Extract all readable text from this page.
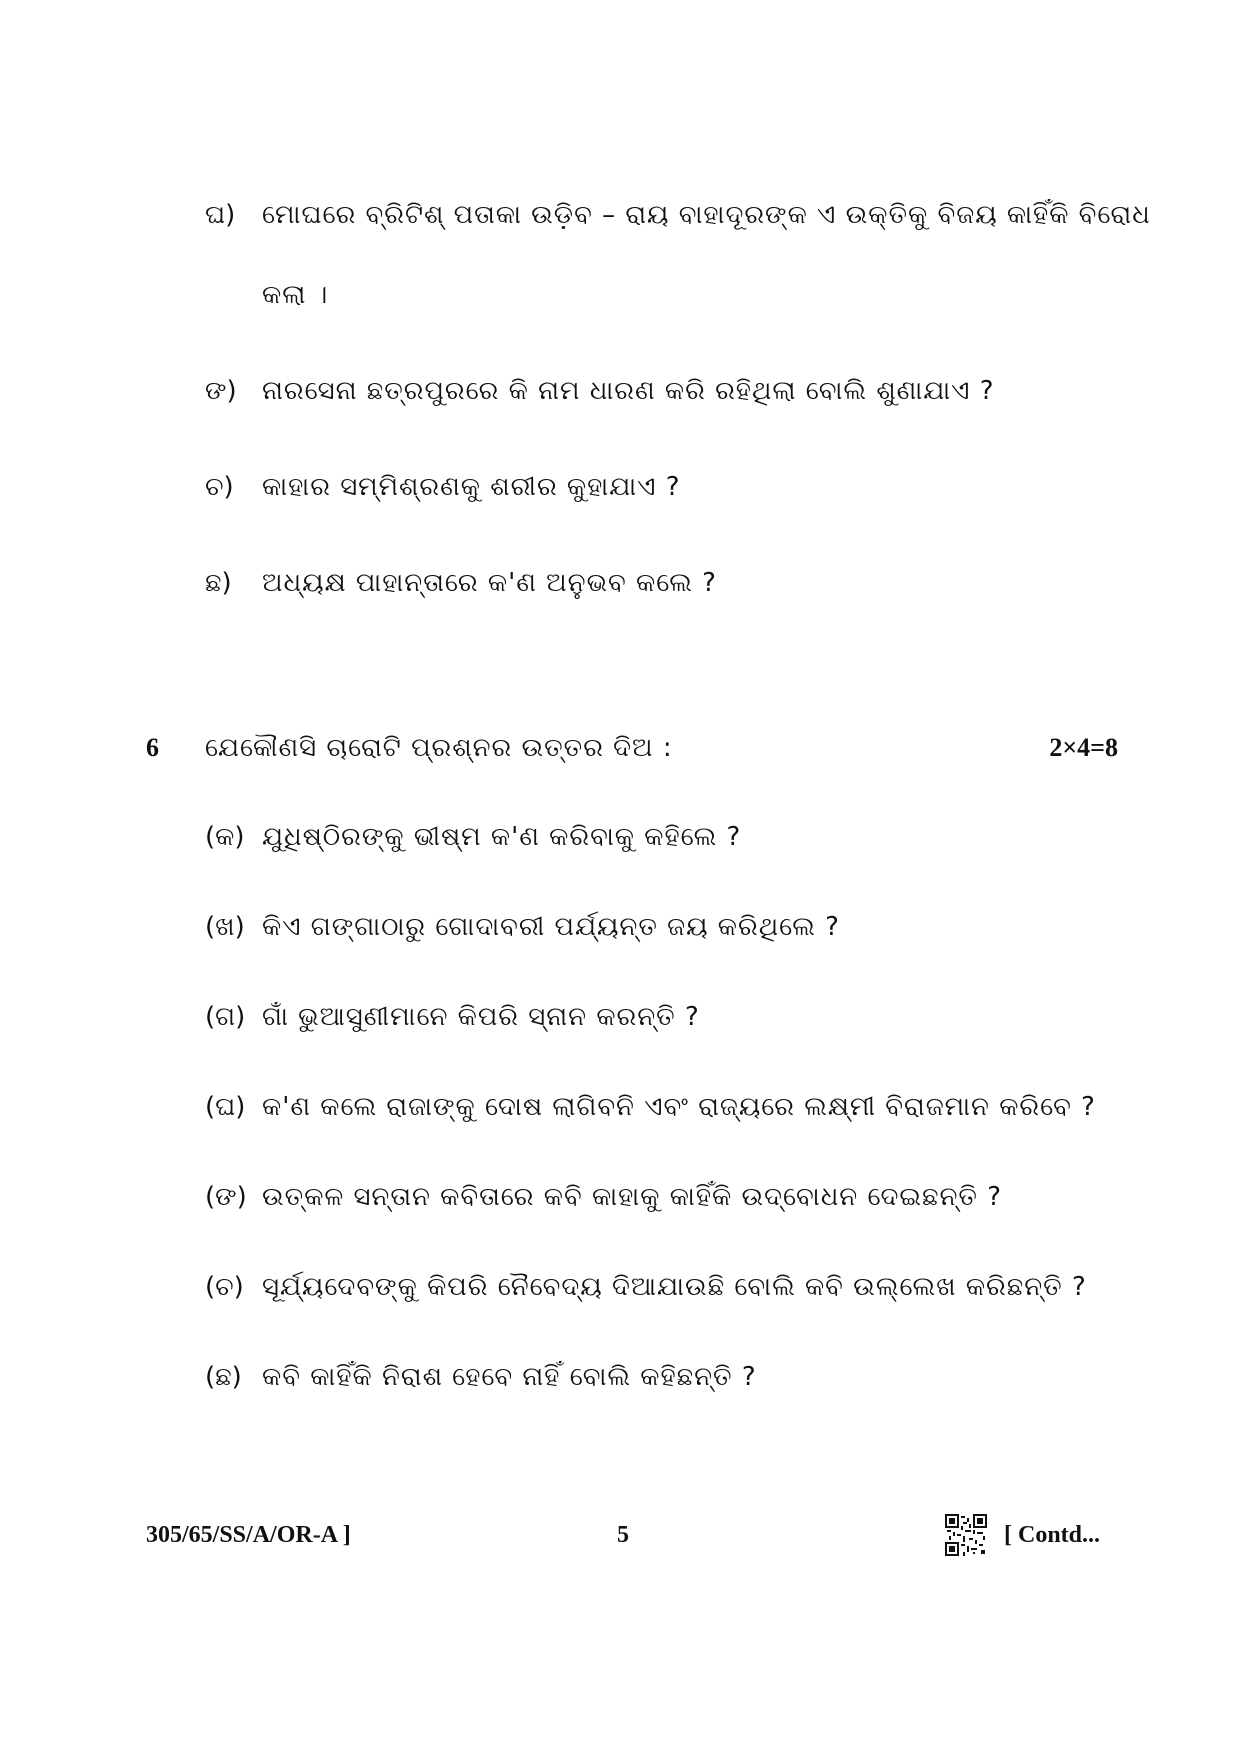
ଘ) ମୋଘରେ ବ୍ରିଟିଶ୍ ପତାକା ଉଡ଼ିବ – ରାୟ ବାହାଦୂରଙ୍କ ଏ ଉକ୍ତିକୁ ବିଜୟ କାହିଁକି ବିରୋଧ
କଲା ।
ଙ) ନାରସେନା ଛତ୍ରପୁରରେ କି ନାମ ଧାରଣ କରି ରହିଥିଲା ବୋଲି ଶୁଣାଯାଏ ?
ଚ) କାହାର ସମ୍ମିଶ୍ରଣକୁ ଶରୀର କୁହାଯାଏ ?
ଛ) ଅଧ୍ୟକ୍ଷ ପାହାନ୍ତାରେ କ'ଣ ଅନୁଭବ କଲେ ?
6 ଯେକୌଣସି ଚାରୋଟି ପ୍ରଶ୍ନର ଉତ୍ତର ଦିଅ :	2×4=8
(କ) ଯୁଧିଷ୍ଠିରଙ୍କୁ ଭୀଷ୍ମ କ'ଣ କରିବାକୁ କହିଲେ ?
(ଖ) କିଏ ଗଙ୍ଗାଠାରୁ ଗୋଦାବରୀ ପର୍ଯ୍ୟନ୍ତ ଜୟ କରିଥିଲେ ?
(ଗ) ଗାଁ ଭୁଆସୁଣୀମାନେ କିପରି ସ୍ନାନ କରନ୍ତି ?
(ଘ) କ'ଣ କଲେ ରାଜାଙ୍କୁ ଦୋଷ ଲାଗିବନି ଏବଂ ରାଜ୍ୟରେ ଲକ୍ଷ୍ମୀ ବିରାଜମାନ କରିବେ ?
(ଙ) ଉତ୍କଳ ସନ୍ତାନ କବିତାରେ କବି କାହାକୁ କାହିଁକି ଉଦ୍‌ବୋଧନ ଦେଇଛନ୍ତି ?
(ଚ) ସୂର୍ଯ୍ୟଦେବଙ୍କୁ କିପରି ନୈବେଦ୍ୟ ଦିଆଯାଉଛି ବୋଲି କବି ଉଲ୍ଲେଖ କରିଛନ୍ତି ?
(ଛ) କବି କାହିଁକି ନିରାଶ ହେବେ ନାହିଁ ବୋଲି କହିଛନ୍ତି ?
305/65/SS/A/OR-A ]	5	[ Contd...
